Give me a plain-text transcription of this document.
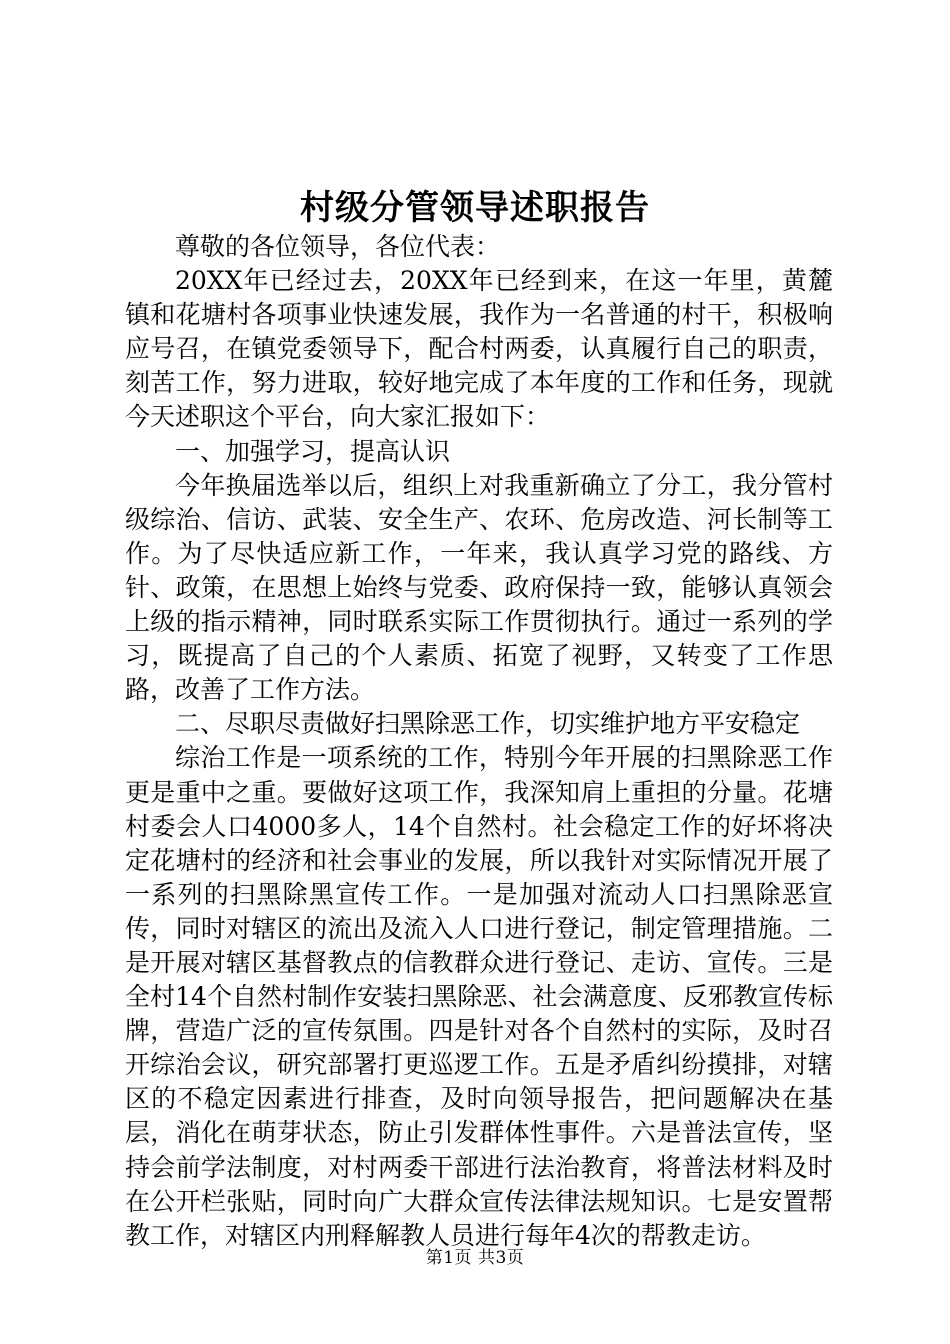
村级分管领导述职报告

尊敬的各位领导，各位代表：

20XX年已经过去，20XX年已经到来，在这一年里，黄麓镇和花塘村各项事业快速发展，我作为一名普通的村干，积极响应号召，在镇党委领导下，配合村两委，认真履行自己的职责，刻苦工作，努力进取，较好地完成了本年度的工作和任务，现就今天述职这个平台，向大家汇报如下：

一、加强学习，提高认识

今年换届选举以后，组织上对我重新确立了分工，我分管村级综治、信访、武装、安全生产、农环、危房改造、河长制等工作。为了尽快适应新工作，一年来，我认真学习党的路线、方针、政策，在思想上始终与党委、政府保持一致，能够认真领会上级的指示精神，同时联系实际工作贯彻执行。通过一系列的学习，既提高了自己的个人素质、拓宽了视野，又转变了工作思路，改善了工作方法。

二、尽职尽责做好扫黑除恶工作，切实维护地方平安稳定

综治工作是一项系统的工作，特别今年开展的扫黑除恶工作更是重中之重。要做好这项工作，我深知肩上重担的分量。花塘村委会人口4000多人，14个自然村。社会稳定工作的好坏将决定花塘村的经济和社会事业的发展，所以我针对实际情况开展了一系列的扫黑除黑宣传工作。一是加强对流动人口扫黑除恶宣传，同时对辖区的流出及流入人口进行登记，制定管理措施。二是开展对辖区基督教点的信教群众进行登记、走访、宣传。三是全村14个自然村制作安装扫黑除恶、社会满意度、反邪教宣传标牌，营造广泛的宣传氛围。四是针对各个自然村的实际，及时召开综治会议，研究部署打更巡逻工作。五是矛盾纠纷摸排，对辖区的不稳定因素进行排查，及时向领导报告，把问题解决在基层，消化在萌芽状态，防止引发群体性事件。六是普法宣传，坚持会前学法制度，对村两委干部进行法治教育，将普法材料及时在公开栏张贴，同时向广大群众宣传法律法规知识。七是安置帮教工作，对辖区内刑释解教人员进行每年4次的帮教走访。

第1页 共3页
